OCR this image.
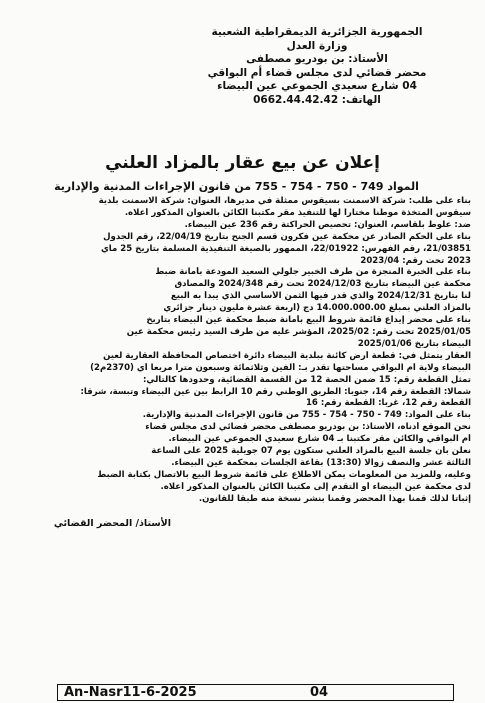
الجمهورية الجزائرية الديمقراطية الشعبية
وزارة العدل
الأستاذ: بن بودريو مصطفى
محضر قضائي لدى مجلس قضاء أم البواقي
04 شارع سعيدي الجموعي عين البيضاء
الهاتف: 0662.44.42.42
إعلان عن بيع عقار بالمزاد العلني
المواد 749 - 750 - 754 - 755 من قانون الإجراءات المدنية والإدارية
بناء على طلب: شركة الاسمنت بسيقوس ممثلة في مديرها، العنوان: شركة الاسمنت بلدية
سيقوس المتخذة موطنا مختارا لها للتنفيذ مقر مكتبنا الكائن بالعنوان المذكور أعلاه.
ضد: علوط بلقاسم، العنوان: تحصيص الحراكتة رقم 236 عين البيضاء.
بناء على الحكم الصادر عن محكمة عين فكرون قسم الجنح بتاريخ 22/04/19، رقم الجدول
21/03851، رقم الفهرس: 22/01922، الممهور بالصيغة التنفيذية المسلمة بتاريخ 25 ماي
2023 تحت رقم: 2023/04
بناء على الخبرة المنجزة من طرف الخبير جلولي السعيد المودعة بأمانة ضبط
محكمة عين البيضاء بتاريخ 2024/12/03 تحت رقم 2024/348 والمصادق
لنا بتاريخ 2024/12/31 والذي قدر فيها الثمن الأساسي الذي يبدأ به البيع
بالمزاد العلني بمبلغ 14.000.000.00 دج (أربعة عشرة مليون دينار جزائري
بناء على محضر إيداع قائمة شروط البيع بأمانة ضبط محكمة عين البيضاء بتاريخ
2025/01/05 تحت رقم: 2025/02، المؤشر عليه من طرف السيد رئيس محكمة عين
البيضاء بتاريخ 2025/01/06
العقار يتمثل في: قطعة أرض كائنة ببلدية البيضاء دائرة اختصاص المحافظة العقارية لعين
البيضاء ولاية أم البواقي مساحتها تقدر بـ: ألفين وثلاثمائة وسبعون مترا مربعا أي (2370م2)
تمثل القطعة رقم: 15 ضمن الحصة 12 من القسمة القضائية، وحدودها كالتالي:
شمالا: القطعة رقم 14، جنوبا: الطريق الوطني رقم 10 الرابط بين عين البيضاء وتبسة، شرقا:
القطعة رقم 12، غربا: القطعة رقم: 16
بناء على المواد: 749 - 750 - 754 - 755 من قانون الإجراءات المدنية والإدارية.
نحن الموقع أدناه، الأستاذ: بن بودريو مصطفى محضر قضائي لدى مجلس قضاء
أم البواقي والكائن مقر مكتبنا بـ 04 شارع سعيدي الجموعي عين البيضاء.
نعلن بأن جلسة البيع بالمزاد العلني ستكون يوم 07 جويلية 2025 على الساعة
الثالثة عشر والنصف زوالا (13:30) بقاعة الجلسات بمحكمة عين البيضاء.
وعليه، وللمزيد من المعلومات يمكن الاطلاع على قائمة شروط البيع بالاتصال بكتابة الضبط
لدى محكمة عين البيضاء أو التقدم إلى مكتبنا الكائن بالعنوان المذكور أعلاه.
إثباتا لذلك قمنا بهذا المحضر وقمنا بنشر نسخة منه طبقا للقانون.
الأستاذ/ المحضر القضائي
An-Nasr11-6-2025	04
